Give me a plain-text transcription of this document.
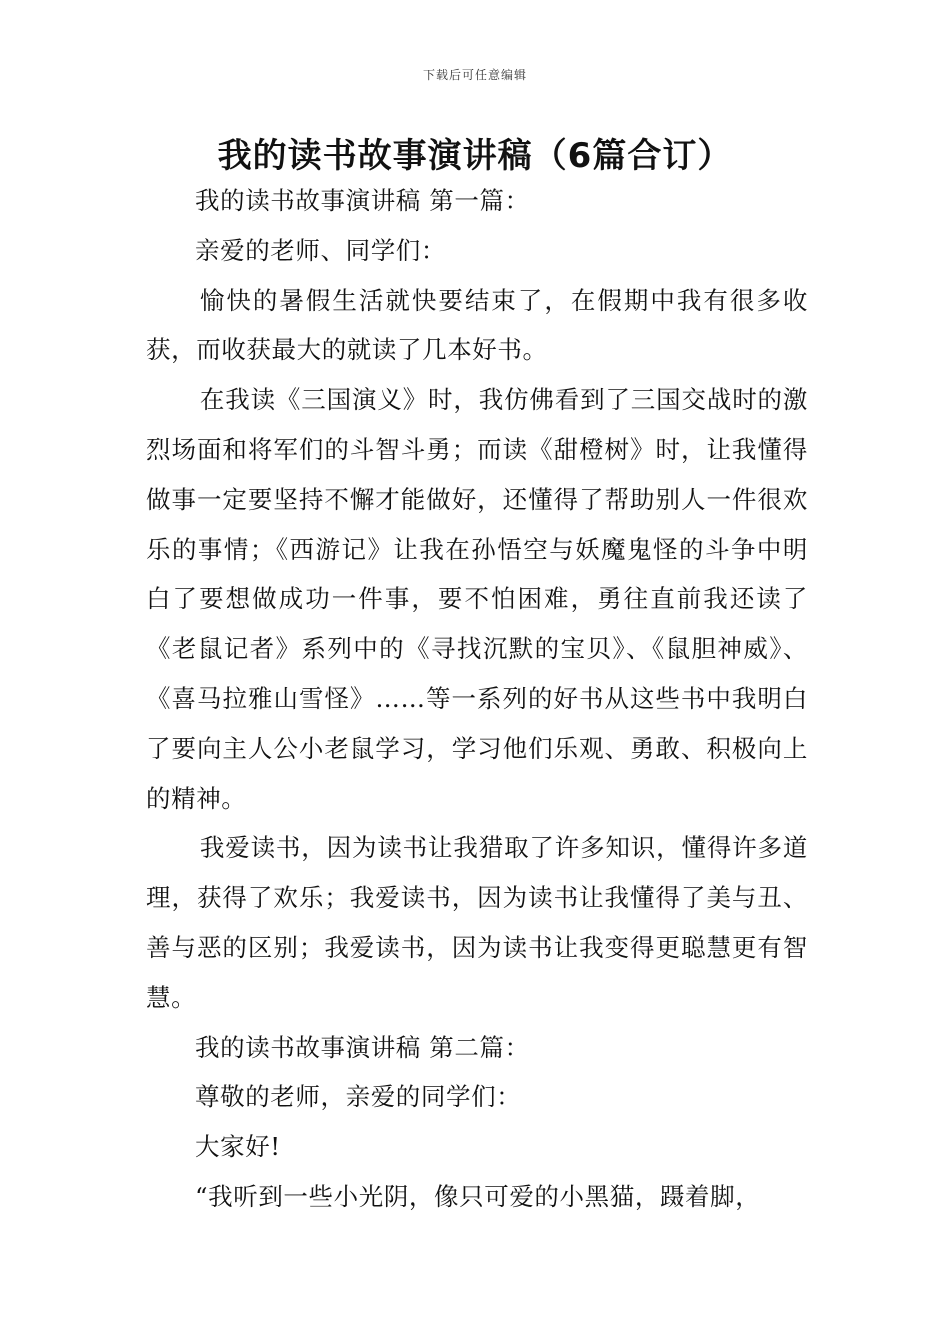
下载后可任意编辑
我的读书故事演讲稿（6篇合订）

我的读书故事演讲稿 第一篇：

亲爱的老师、同学们：

愉快的暑假生活就快要结束了，在假期中我有很多收获，而收获最大的就读了几本好书。

在我读《三国演义》时，我仿佛看到了三国交战时的激烈场面和将军们的斗智斗勇；而读《甜橙树》时，让我懂得做事一定要坚持不懈才能做好，还懂得了帮助别人一件很欢乐的事情；《西游记》让我在孙悟空与妖魔鬼怪的斗争中明白了要想做成功一件事，要不怕困难，勇往直前我还读了《老鼠记者》系列中的《寻找沉默的宝贝》、《鼠胆神威》、《喜马拉雅山雪怪》……等一系列的好书从这些书中我明白了要向主人公小老鼠学习，学习他们乐观、勇敢、积极向上的精神。

我爱读书，因为读书让我猎取了许多知识，懂得许多道理，获得了欢乐；我爱读书，因为读书让我懂得了美与丑、善与恶的区别；我爱读书，因为读书让我变得更聪慧更有智慧。

我的读书故事演讲稿 第二篇：

尊敬的老师，亲爱的同学们：

大家好!

“我听到一些小光阴，像只可爱的小黑猫，蹑着脚，
